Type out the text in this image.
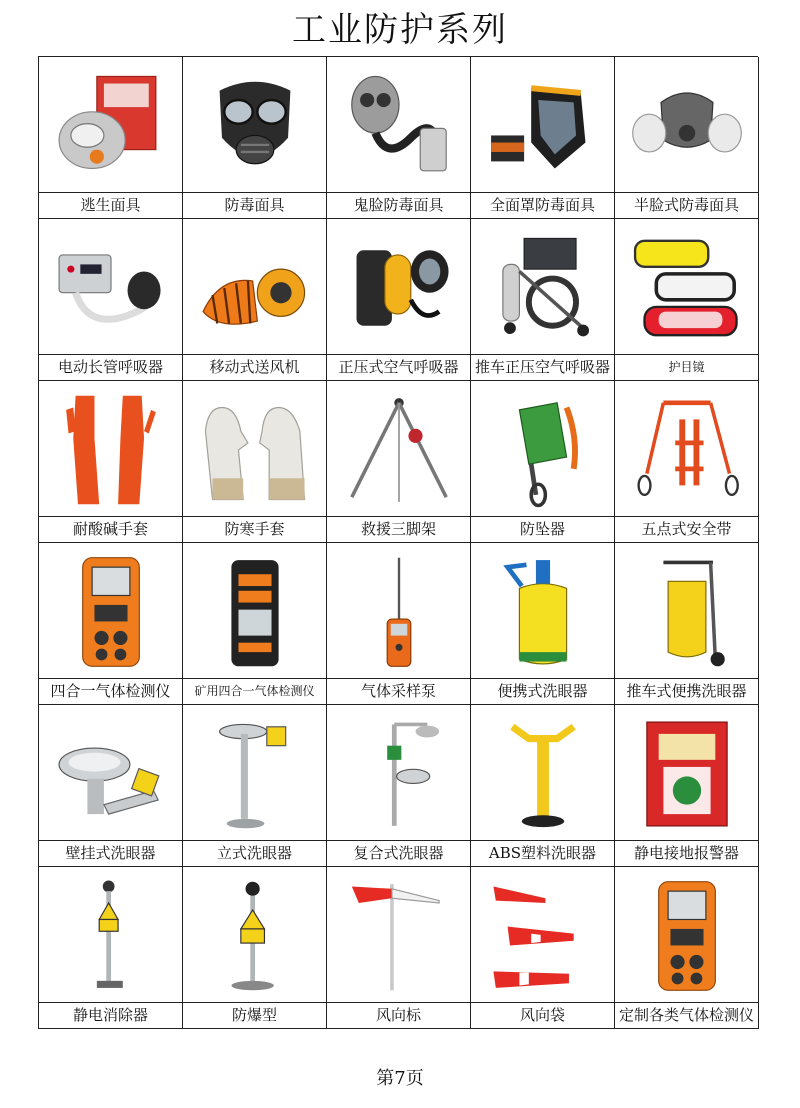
工业防护系列
逃生面具	防毒面具	鬼脸防毒面具	全面罩防毒面具	半脸式防毒面具
电动长管呼吸器	移动式送风机	正压式空气呼吸器	推车正压空气呼吸器	护目镜
耐酸碱手套	防寒手套	救援三脚架	防坠器	五点式安全带
四合一气体检测仪	矿用四合一气体检测仪	气体采样泵	便携式洗眼器	推车式便携洗眼器
壁挂式洗眼器	立式洗眼器	复合式洗眼器	ABS塑料洗眼器	静电接地报警器
静电消除器	防爆型	风向标	风向袋	定制各类气体检测仪
第7页
